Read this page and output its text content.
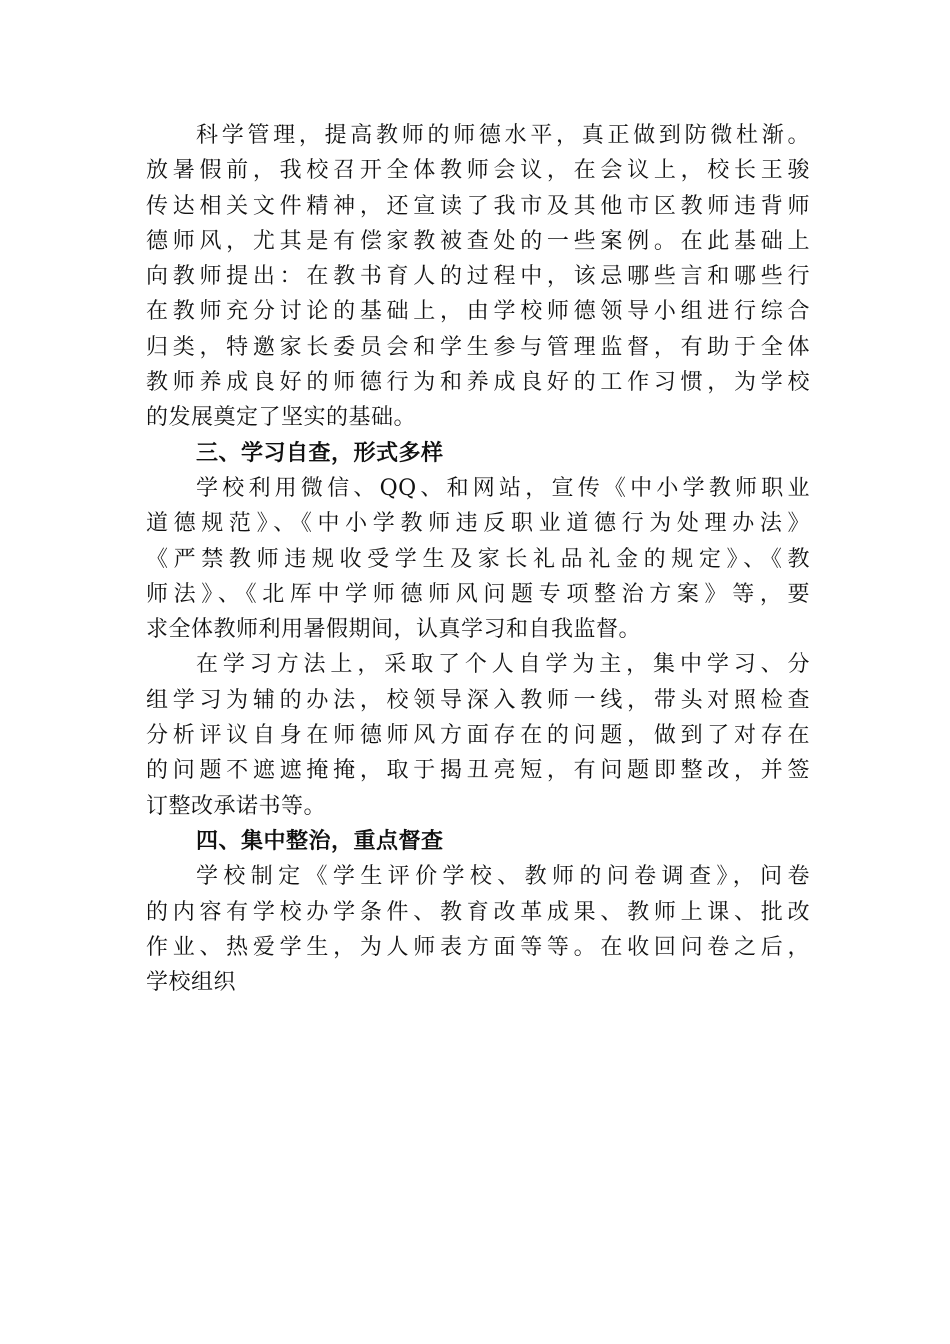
科学管理，提高教师的师德水平，真正做到防微杜渐。
放暑假前，我校召开全体教师会议，在会议上，校长王骏
传达相关文件精神，还宣读了我市及其他市区教师违背师
德师风，尤其是有偿家教被查处的一些案例。在此基础上
向教师提出：在教书育人的过程中，该忌哪些言和哪些行
在教师充分讨论的基础上，由学校师德领导小组进行综合
归类，特邀家长委员会和学生参与管理监督，有助于全体
教师养成良好的师德行为和养成良好的工作习惯，为学校
的发展奠定了坚实的基础。
三、学习自查，形式多样
学校利用微信、QQ、和网站，宣传《中小学教师职业
道德规范》、《中小学教师违反职业道德行为处理办法》
《严禁教师违规收受学生及家长礼品礼金的规定》、《教
师法》、《北厍中学师德师风问题专项整治方案》等，要
求全体教师利用暑假期间，认真学习和自我监督。
在学习方法上，采取了个人自学为主，集中学习、分
组学习为辅的办法，校领导深入教师一线，带头对照检查
分析评议自身在师德师风方面存在的问题，做到了对存在
的问题不遮遮掩掩，取于揭丑亮短，有问题即整改，并签
订整改承诺书等。
四、集中整治，重点督查
学校制定《学生评价学校、教师的问卷调查》，问卷
的内容有学校办学条件、教育改革成果、教师上课、批改
作业、热爱学生，为人师表方面等等。在收回问卷之后，
学校组织
